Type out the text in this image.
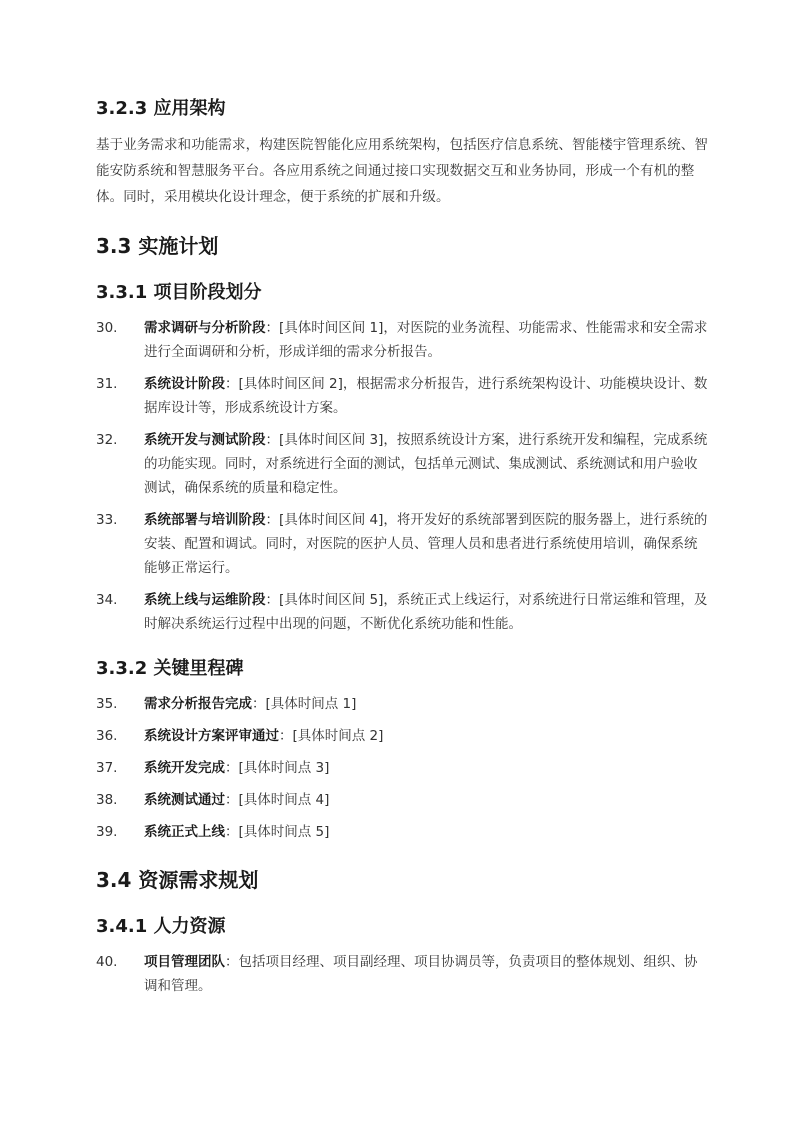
3.2.3 应用架构

基于业务需求和功能需求，构建医院智能化应用系统架构，包括医疗信息系统、智能楼宇管理系统、智能安防系统和智慧服务平台。各应用系统之间通过接口实现数据交互和业务协同，形成一个有机的整体。同时，采用模块化设计理念，便于系统的扩展和升级。

3.3 实施计划
3.3.1 项目阶段划分
30.	需求调研与分析阶段：[具体时间区间 1]，对医院的业务流程、功能需求、性能需求和安全需求进行全面调研和分析，形成详细的需求分析报告。
31.	系统设计阶段：[具体时间区间 2]，根据需求分析报告，进行系统架构设计、功能模块设计、数据库设计等，形成系统设计方案。
32.	系统开发与测试阶段：[具体时间区间 3]，按照系统设计方案，进行系统开发和编程，完成系统的功能实现。同时，对系统进行全面的测试，包括单元测试、集成测试、系统测试和用户验收测试，确保系统的质量和稳定性。
33.	系统部署与培训阶段：[具体时间区间 4]，将开发好的系统部署到医院的服务器上，进行系统的安装、配置和调试。同时，对医院的医护人员、管理人员和患者进行系统使用培训，确保系统能够正常运行。
34.	系统上线与运维阶段：[具体时间区间 5]，系统正式上线运行，对系统进行日常运维和管理，及时解决系统运行过程中出现的问题，不断优化系统功能和性能。
3.3.2 关键里程碑
35.	需求分析报告完成：[具体时间点 1]
36.	系统设计方案评审通过：[具体时间点 2]
37.	系统开发完成：[具体时间点 3]
38.	系统测试通过：[具体时间点 4]
39.	系统正式上线：[具体时间点 5]
3.4 资源需求规划
3.4.1 人力资源
40.	项目管理团队：包括项目经理、项目副经理、项目协调员等，负责项目的整体规划、组织、协调和管理。
